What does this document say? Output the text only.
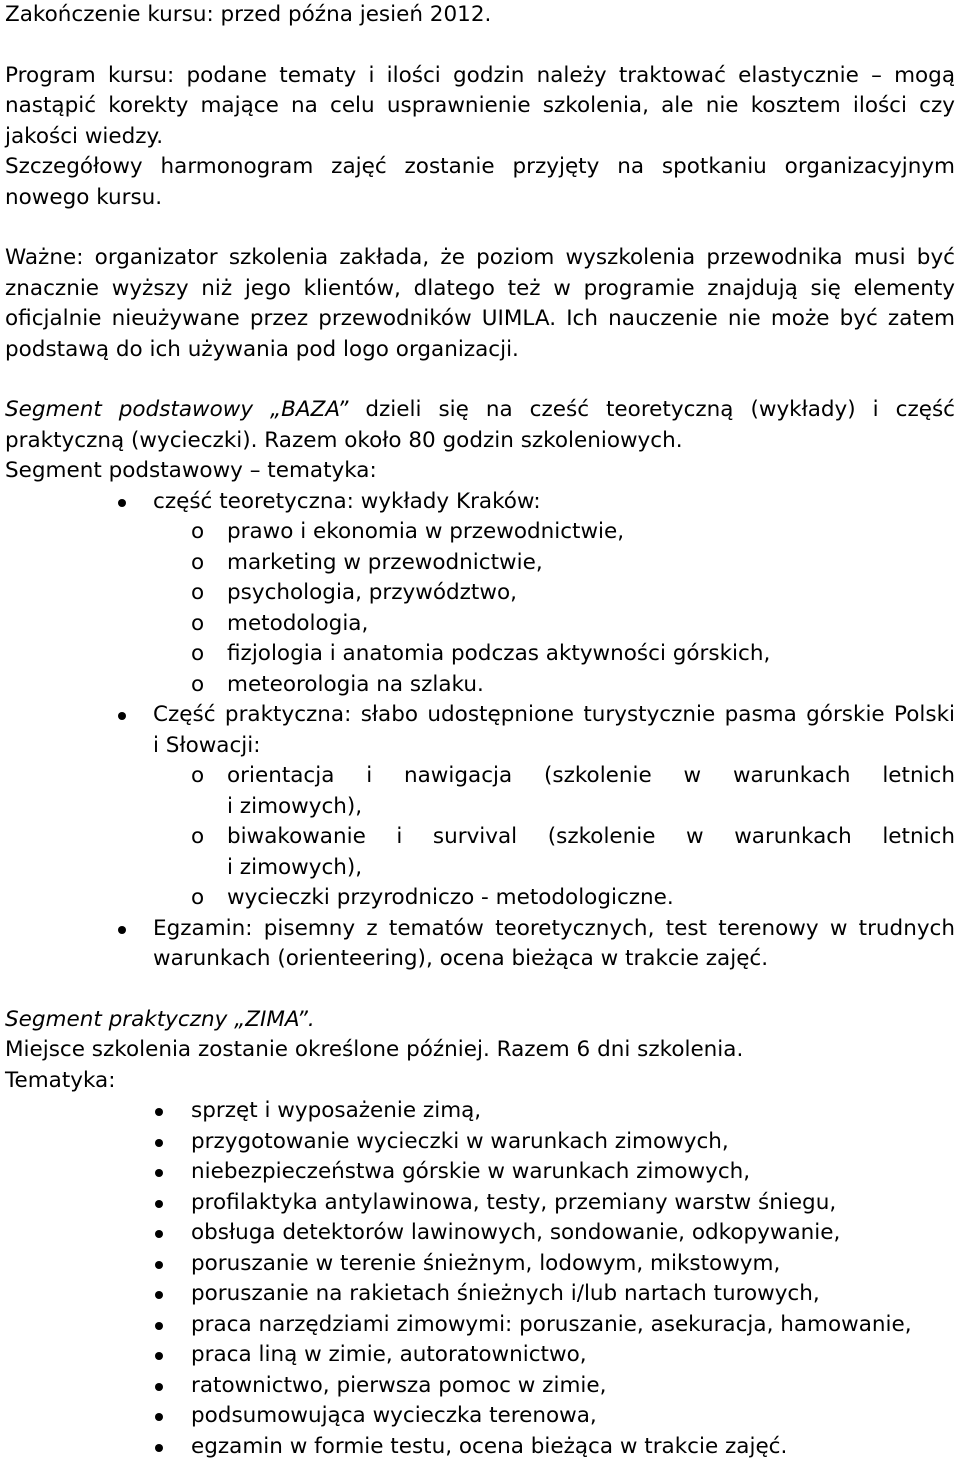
Zakończenie kursu: przed późna jesień 2012.
Program kursu: podane tematy i ilości godzin należy traktować elastycznie – mogą
nastąpić korekty mające na celu usprawnienie szkolenia, ale nie kosztem ilości czy
jakości wiedzy.
Szczegółowy harmonogram zajęć zostanie przyjęty na spotkaniu organizacyjnym
nowego kursu.
Ważne: organizator szkolenia zakłada, że poziom wyszkolenia przewodnika musi być
znacznie wyższy niż jego klientów, dlatego też w programie znajdują się elementy
oficjalnie nieużywane przez przewodników UIMLA. Ich nauczenie nie może być zatem
podstawą do ich używania pod logo organizacji.
Segment podstawowy „BAZA” dzieli się na cześć teoretyczną (wykłady) i część
praktyczną (wycieczki). Razem około 80 godzin szkoleniowych.
Segment podstawowy – tematyka:
część teoretyczna: wykłady Kraków:
o prawo i ekonomia w przewodnictwie,
o marketing w przewodnictwie,
o psychologia, przywództwo,
o metodologia,
o fizjologia i anatomia podczas aktywności górskich,
o meteorologia na szlaku.
Część praktyczna: słabo udostępnione turystycznie pasma górskie Polski
i Słowacji:
o orientacja i nawigacja (szkolenie w warunkach letnich
i zimowych),
o biwakowanie i survival (szkolenie w warunkach letnich
i zimowych),
o wycieczki przyrodniczo - metodologiczne.
Egzamin: pisemny z tematów teoretycznych, test terenowy w trudnych
warunkach (orienteering), ocena bieżąca w trakcie zajęć.
Segment praktyczny „ZIMA”.
Miejsce szkolenia zostanie określone później. Razem 6 dni szkolenia.
Tematyka:
sprzęt i wyposażenie zimą,
przygotowanie wycieczki w warunkach zimowych,
niebezpieczeństwa górskie w warunkach zimowych,
profilaktyka antylawinowa, testy, przemiany warstw śniegu,
obsługa detektorów lawinowych, sondowanie, odkopywanie,
poruszanie w terenie śnieżnym, lodowym, mikstowym,
poruszanie na rakietach śnieżnych i/lub nartach turowych,
praca narzędziami zimowymi: poruszanie, asekuracja, hamowanie,
praca liną w zimie, autoratownictwo,
ratownictwo, pierwsza pomoc w zimie,
podsumowująca wycieczka terenowa,
egzamin w formie testu, ocena bieżąca w trakcie zajęć.
